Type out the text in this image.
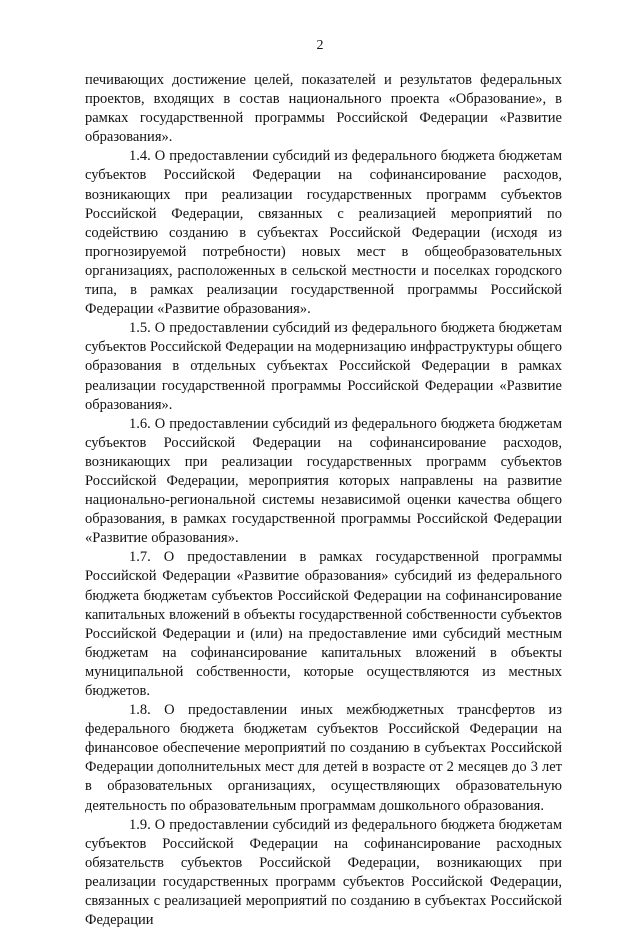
2

печивающих достижение целей, показателей и результатов федеральных проектов, входящих в состав национального проекта «Образование», в рамках государственной программы Российской Федерации «Развитие образования».

1.4. О предоставлении субсидий из федерального бюджета бюджетам субъектов Российской Федерации на софинансирование расходов, возникающих при реализации государственных программ субъектов Российской Федерации, связанных с реализацией мероприятий по содействию созданию в субъектах Российской Федерации (исходя из прогнозируемой потребности) новых мест в общеобразовательных организациях, расположенных в сельской местности и поселках городского типа, в рамках реализации государственной программы Российской Федерации «Развитие образования».

1.5. О предоставлении субсидий из федерального бюджета бюджетам субъектов Российской Федерации на модернизацию инфраструктуры общего образования в отдельных субъектах Российской Федерации в рамках реализации государственной программы Российской Федерации «Развитие образования».

1.6. О предоставлении субсидий из федерального бюджета бюджетам субъектов Российской Федерации на софинансирование расходов, возникающих при реализации государственных программ субъектов Российской Федерации, мероприятия которых направлены на развитие национально-региональной системы независимой оценки качества общего образования, в рамках государственной программы Российской Федерации «Развитие образования».

1.7. О предоставлении в рамках государственной программы Российской Федерации «Развитие образования» субсидий из федерального бюджета бюджетам субъектов Российской Федерации на софинансирование капитальных вложений в объекты государственной собственности субъектов Российской Федерации и (или) на предоставление ими субсидий местным бюджетам на софинансирование капитальных вложений в объекты муниципальной собственности, которые осуществляются из местных бюджетов.

1.8. О предоставлении иных межбюджетных трансфертов из федерального бюджета бюджетам субъектов Российской Федерации на финансовое обеспечение мероприятий по созданию в субъектах Российской Федерации дополнительных мест для детей в возрасте от 2 месяцев до 3 лет в образовательных организациях, осуществляющих образовательную деятельность по образовательным программам дошкольного образования.

1.9. О предоставлении субсидий из федерального бюджета бюджетам субъектов Российской Федерации на софинансирование расходных обязательств субъектов Российской Федерации, возникающих при реализации государственных программ субъектов Российской Федерации, связанных с реализацией мероприятий по созданию в субъектах Российской Федерации
